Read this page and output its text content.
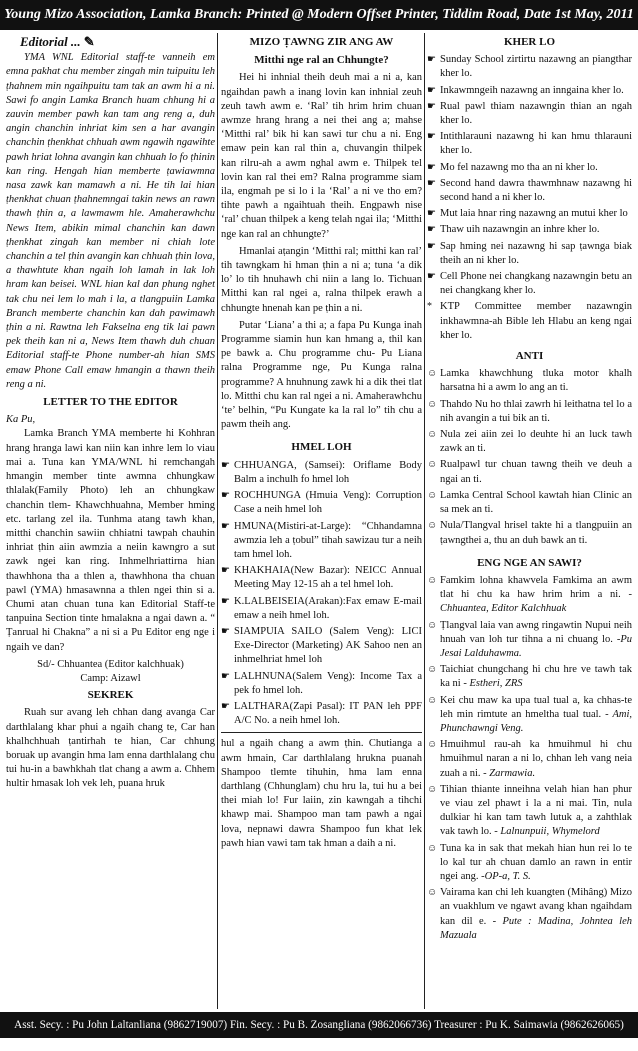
Young Mizo Association, Lamka Branch: Printed @ Modern Offset Printer, Tiddim Road, Date 1st May, 2011
Editorial ... ✎

YMA WNL Editorial staff-te vanneih em emna pakhat chu member zingah min tuipuitu leh ṭhahnem min ngaihpuitu tam tak an awm hi a ni. Sawi fo angin Lamka Branch huam chhung hi a zauvin member pawh kan tam ang reng a, duh angin chanchin inhriat kim sen a har avangin chanchin ṭhenkhat chhuah awm ngawih ngawihte pawh hriat lohna avangin kan chhuah lo fo ṭhinin kan ring. Hengah hian memberte ṭawiawmna nasa zawk kan mamawh a ni. He tih lai hian ṭhenkhat chuan ṭhahnemngai takin news an rawn thawh ṭhin a, a lawmawm hle. Amaherawhchu News Item, abikin mimal chanchin kan dawn ṭhenkhat zingah kan member ni chiah lote chanchin a tel ṭhin avangin kan chhuah ṭhin lova, a thawhtute khan ngaih loh lamah in lak loh hram kan beisei. WNL hian kal dan phung nghet tak chu nei lem lo mah i la, a tlangpuiin Lamka Branch memberte chanchin kan dah pawimawh ṭhin a ni. Rawtna leh Fakselna eng tik lai pawn pek theih kan ni a, News Item thawh duh chuan Editorial staff-te Phone number-ah hian SMS emaw Phone Call emaw hmangin a thawn theih reng a ni.

LETTER TO THE EDITOR

Ka Pu,

Lamka Branch YMA memberte hi Kohhran hrang hranga lawi kan niin kan inhre lem lo viau mai a. Tuna kan YMA/WNL hi remchangah hmangin member tinte awmna chhungkaw thlalak(Family Photo) leh an chhungkaw chanchin tlem- Khawchhuahna, Member hming etc. tarlang zel ila. Tunhma atang tawh khan, mitthi chanchin sawiin chhiatni tawpah chauhin inhriat ṭhin aiin awmzia a neiin kawngro a sut zawk ngei kan ring. Inhmelhriattirna hian thawhhona tha a thlen a, thawhhona tha chuan pawl (YMA) hmasawnna a thlen ngei thin si a. Chumi atan chuan tuna kan Editorial Staff-te tanpuina Section tinte hmalakna a ngai dawn a. “ Ṭanrual hi Chakna” a ni si a Pu Editor eng nge i ngaih ve dan?

Sd/- Chhuantea (Editor kalchhuak)

Camp: Aizawl

SEKREK

Ruah sur avang leh chhan dang avanga Car darthlalang khar phui a ngaih chang te, Car han khalhchhuah ṭantirhah te hian, Car chhung boruak up avangin hma lam enna darthlalang chu tui hu-in a bawhkhah tlat chang a awm a. Chhem hultir hmasak loh vek leh, puana hruk

MIZO ṬAWNG ZIR ANG AW
Mitthi nge ral an Chhungte?

Hei hi inhnial theih deuh mai a ni a, kan ngaihdan pawh a inang lovin kan inhnial zeuh zeuh tawh awm e. ‘Ral’ tih hrim hrim chuan awmze hrang hrang a nei thei ang a; mahse ‘Mitthi ral’ bik hi kan sawi tur chu a ni. Eng emaw pein kan ral thin a, chuvangin thilpek kan rilru-ah a awm nghal awm e. Thilpek tel lovin kan ral thei em? Ralna programme siam ila, engmah pe si lo i la ‘Ral’ a ni ve tho em? tihte pawh a ngaihtuah theih. Engpawh nise ‘ral’ chuan thilpek a keng telah ngai ila; ‘Mitthi nge kan ral an chhungte?’

Hmanlai aṭangin ‘Mitthi ral; mitthi kan ral’ tih tawngkam hi hman ṭhin a ni a; tuna ‘a dik lo’ lo tih hnuhawh chi niin a lang lo. Tichuan Mitthi kan ral ngei a, ralna thilpek erawh a chhungte hnenah kan pe ṭhin a ni.

Putar ‘Liana’ a thi a; a fapa Pu Kunga inah Programme siamin hun kan hmang a, thil kan pe bawk a. Chu programme chu- Pu Liana ralna Programme nge, Pu Kunga ralna programme? A hnuhnung zawk hi a dik thei tlat lo. Mitthi chu kan ral ngei a ni. Amaherawhchu ‘te’ belhin, “Pu Kungate ka la ral lo” tih chu a pawm theih ang.

HMEL LOH
☛ CHHUANGA, (Samsei): Oriflame Body Balm a inchulh fo hmel loh
☛ ROCHHUNGA (Hmuia Veng): Corruption Case a neih hmel loh
☛ HMUNA(Mistiri-at-Large): “Chhandamna awmzia leh a ṭobul” tihah sawizau tur a neih tam hmel loh.
☛ KHAKHAIA(New Bazar): NEICC Annual Meeting May 12-15 ah a tel hmel loh.
☛ K.LALBEISEIA(Arakan):Fax emaw E-mail emaw a neih hmel loh.
☛ SIAMPUIA SAILO (Salem Veng): LICI Exe-Director (Marketing) AK Sahoo nen an inhmelhriat hmel loh
☛ LALHNUNA(Salem Veng): Income Tax a pek fo hmel loh.
☛ LALTHARA(Zapi Pasal): IT PAN leh PPF A/C No. a neih hmel loh.

hul a ngaih chang a awm ṭhin. Chutianga a awm hmain, Car darthlalang hrukna puanah Shampoo tlemte tihuhin, hma lam enna darthlang (Chhunglam) chu hru la, tui hu a bei thei miah lo! Fur laiin, zin kawngah a tihchi khawp mai. Shampoo man tam pawh a ngai lova, nepnawi dawra Shampoo fun khat lek pawh hian vawi tam tak hman a daih a ni.

KHER LO
☛ Sunday School zirtirtu nazawng an piangthar kher lo.
☛ Inkawmngeih nazawng an inngaina kher lo.
☛ Rual pawl thiam nazawngin thian an ngah kher lo.
☛ Intithlarauni nazawng hi kan hmu thlarauni kher lo.
☛ Mo fel nazawng mo tha an ni kher lo.
☛ Second hand dawra thawmhnaw nazawng hi second hand a ni kher lo.
☛ Mut laia hnar ring nazawng an mutui kher lo
☛ Thaw uih nazawngin an inhre kher lo.
☛ Sap hming nei nazawng hi sap ṭawnga biak theih an ni kher lo.
☛ Cell Phone nei changkang nazawngin betu an nei changkang kher lo.
* KTP Committee member nazawngin inkhawmna-ah Bible leh Hlabu an keng ngai kher lo.
ANTI
☺ Lamka khawchhung tluka motor khalh harsatna hi a awm lo ang an ti.
☺ Thahdo Nu ho thlai zawrh hi leithatna tel lo a nih avangin a tui bik an ti.
☺ Nula zei aiin zei lo deuhte hi an luck tawh zawk an ti.
☺ Rualpawl tur chuan tawng theih ve deuh a ngai an ti.
☺ Lamka Central School kawtah hian Clinic an sa mek an ti.
☺ Nula/Tlangval hrisel takte hi a tlangpuiin an ṭawngthei a, thu an duh bawk an ti.
ENG NGE AN SAWI?
☺ Famkim lohna khawvela Famkima an awm tlat hi chu ka haw hrim hrim a ni. -Chhuantea, Editor Kalchhuak
☺ Ṭlangval laia van awng ringawtin Nupui neih hnuah van loh tur tihna a ni chuang lo. -Pu Jesai Lalduhawma.
☺ Taichiat chungchang hi chu hre ve tawh tak ka ni - Estheri, ZRS
☺ Kei chu maw ka upa tual tual a, ka chhas-te leh min rimtute an hmeltha tual tual. - Ami, Phunchawngi Veng.
☺ Hmuihmul rau-ah ka hmuihmul hi chu hmuihmul naran a ni lo, chhan leh vang neia zuah a ni. - Zarmawia.
☺ Tihian thiante inneihna velah hian han phur ve viau zel phawt i la a ni mai. Tin, nula dulkiar hi kan tam tawh lutuk a, a zahthlak vak tawh lo. - Lalnunpuii, Whymelord
☺ Tuna ka in sak that mekah hian hun rei lo te lo kal tur ah chuan damlo an rawn in entir ngei ang. -OP-a, T. S.
☺ Vairama kan chi leh kuangten (Mihâng) Mizo an vuakhlum ve ngawt avang khan ngaihdam kan dil e. - Pute : Madina, Johntea leh Mazuala
Asst. Secy. : Pu John Laltanliana (9862719007) Fin. Secy. : Pu B. Zosangliana (9862066736) Treasurer : Pu K. Saimawia (9862626065)
